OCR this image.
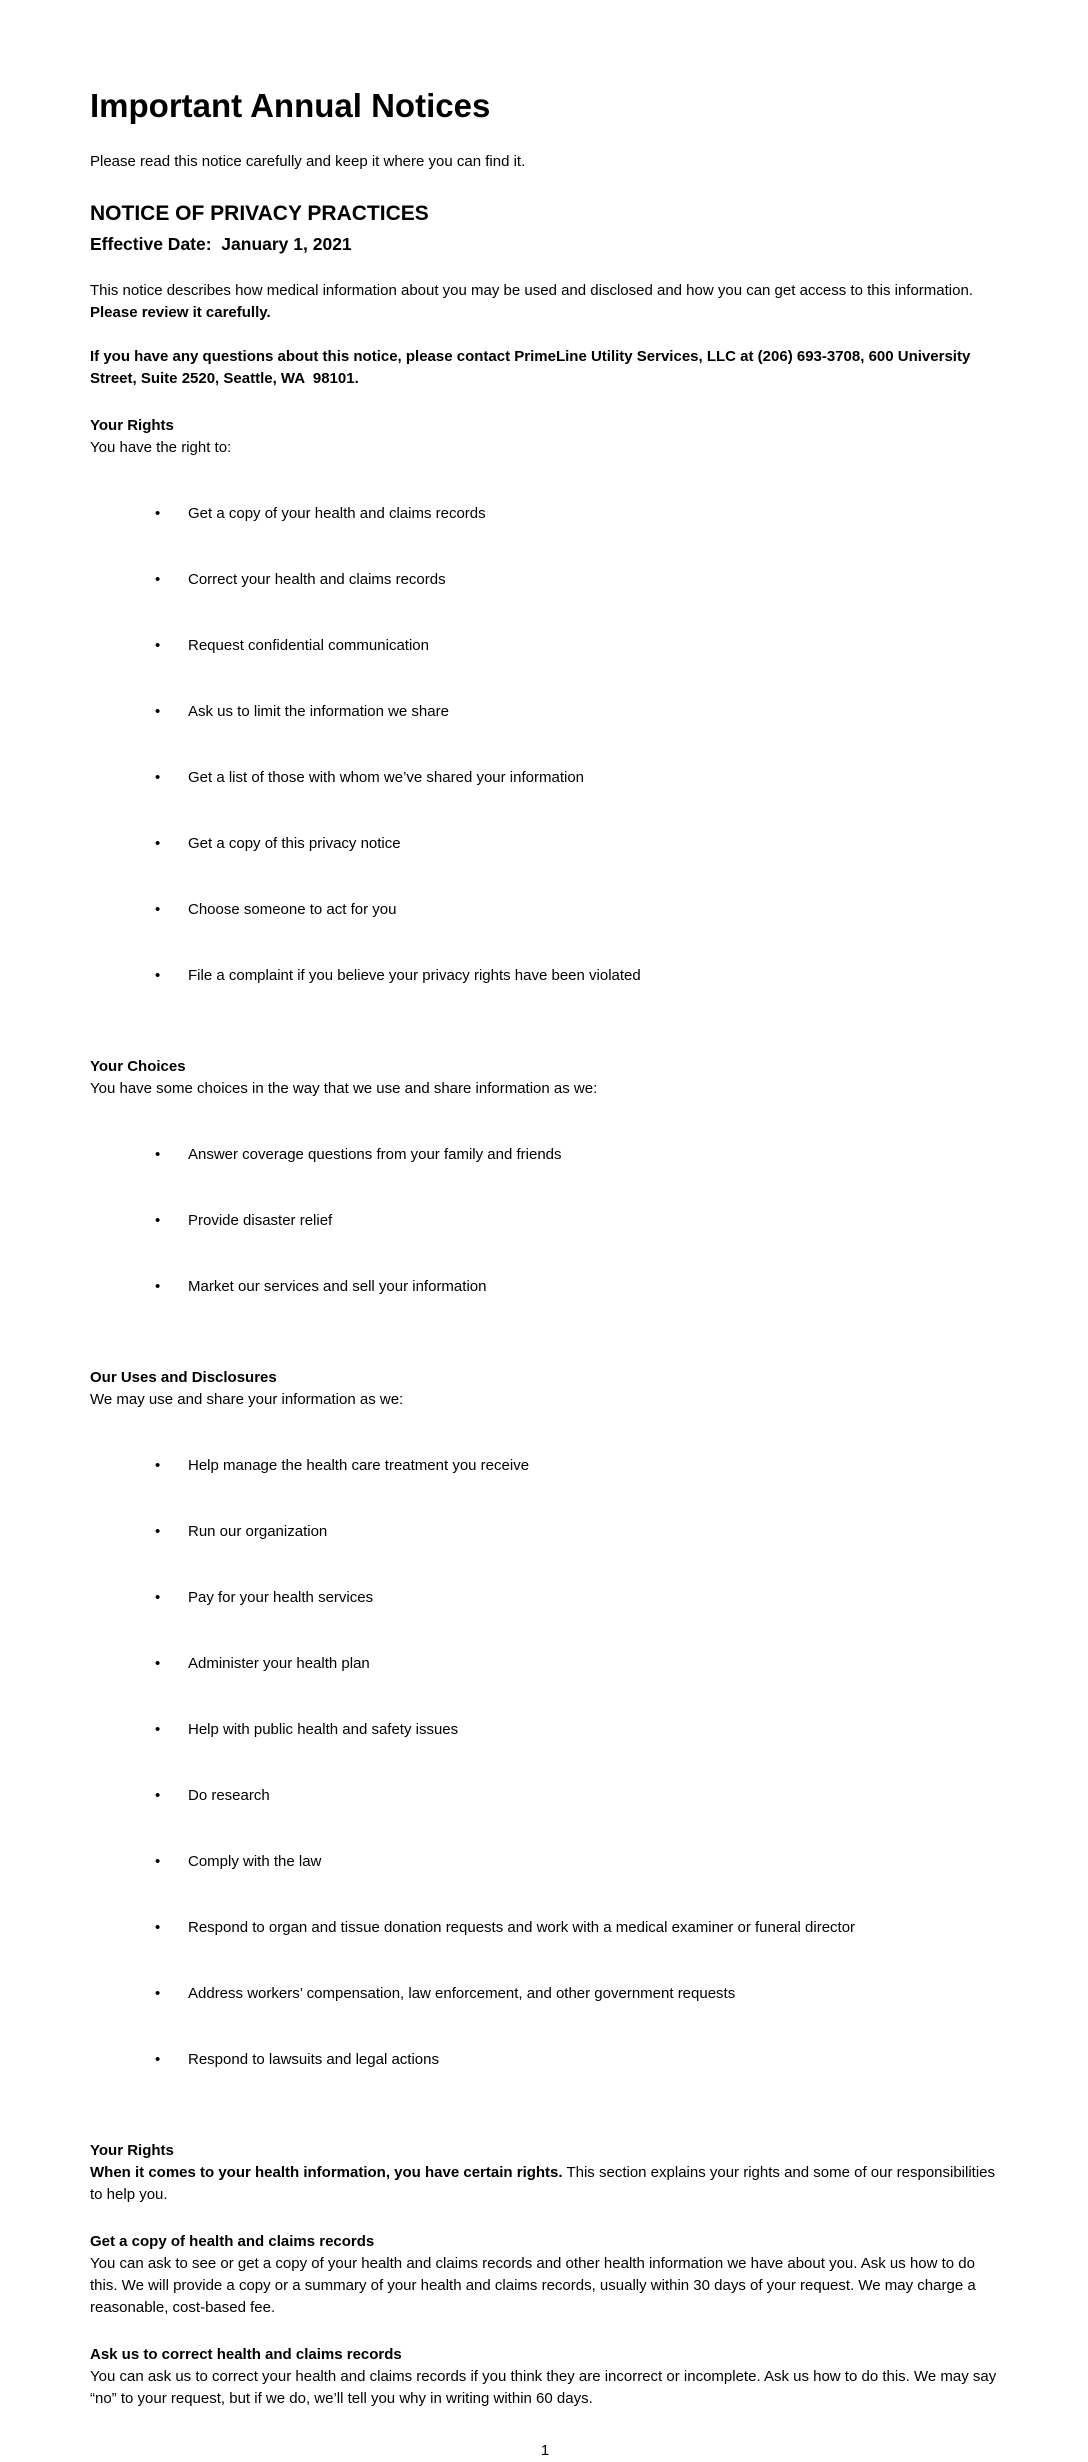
Important Annual Notices

Please read this notice carefully and keep it where you can find it.

NOTICE OF PRIVACY PRACTICES
Effective Date:  January 1, 2021

This notice describes how medical information about you may be used and disclosed and how you can get access to this information. Please review it carefully.

If you have any questions about this notice, please contact PrimeLine Utility Services, LLC at (206) 693-3708, 600 University Street, Suite 2520, Seattle, WA  98101.

Your Rights

You have the right to:

• Get a copy of your health and claims records

• Correct your health and claims records

• Request confidential communication

• Ask us to limit the information we share

• Get a list of those with whom we’ve shared your information

• Get a copy of this privacy notice

• Choose someone to act for you

• File a complaint if you believe your privacy rights have been violated

Your Choices

You have some choices in the way that we use and share information as we:

• Answer coverage questions from your family and friends

• Provide disaster relief

• Market our services and sell your information

Our Uses and Disclosures

We may use and share your information as we:

• Help manage the health care treatment you receive

• Run our organization

• Pay for your health services

• Administer your health plan

• Help with public health and safety issues

• Do research

• Comply with the law

• Respond to organ and tissue donation requests and work with a medical examiner or funeral director

• Address workers’ compensation, law enforcement, and other government requests

• Respond to lawsuits and legal actions

Your Rights

When it comes to your health information, you have certain rights. This section explains your rights and some of our responsibilities to help you.

Get a copy of health and claims records

You can ask to see or get a copy of your health and claims records and other health information we have about you. Ask us how to do this. We will provide a copy or a summary of your health and claims records, usually within 30 days of your request. We may charge a reasonable, cost-based fee.

Ask us to correct health and claims records

You can ask us to correct your health and claims records if you think they are incorrect or incomplete. Ask us how to do this. We may say “no” to your request, but if we do, we’ll tell you why in writing within 60 days.

1
